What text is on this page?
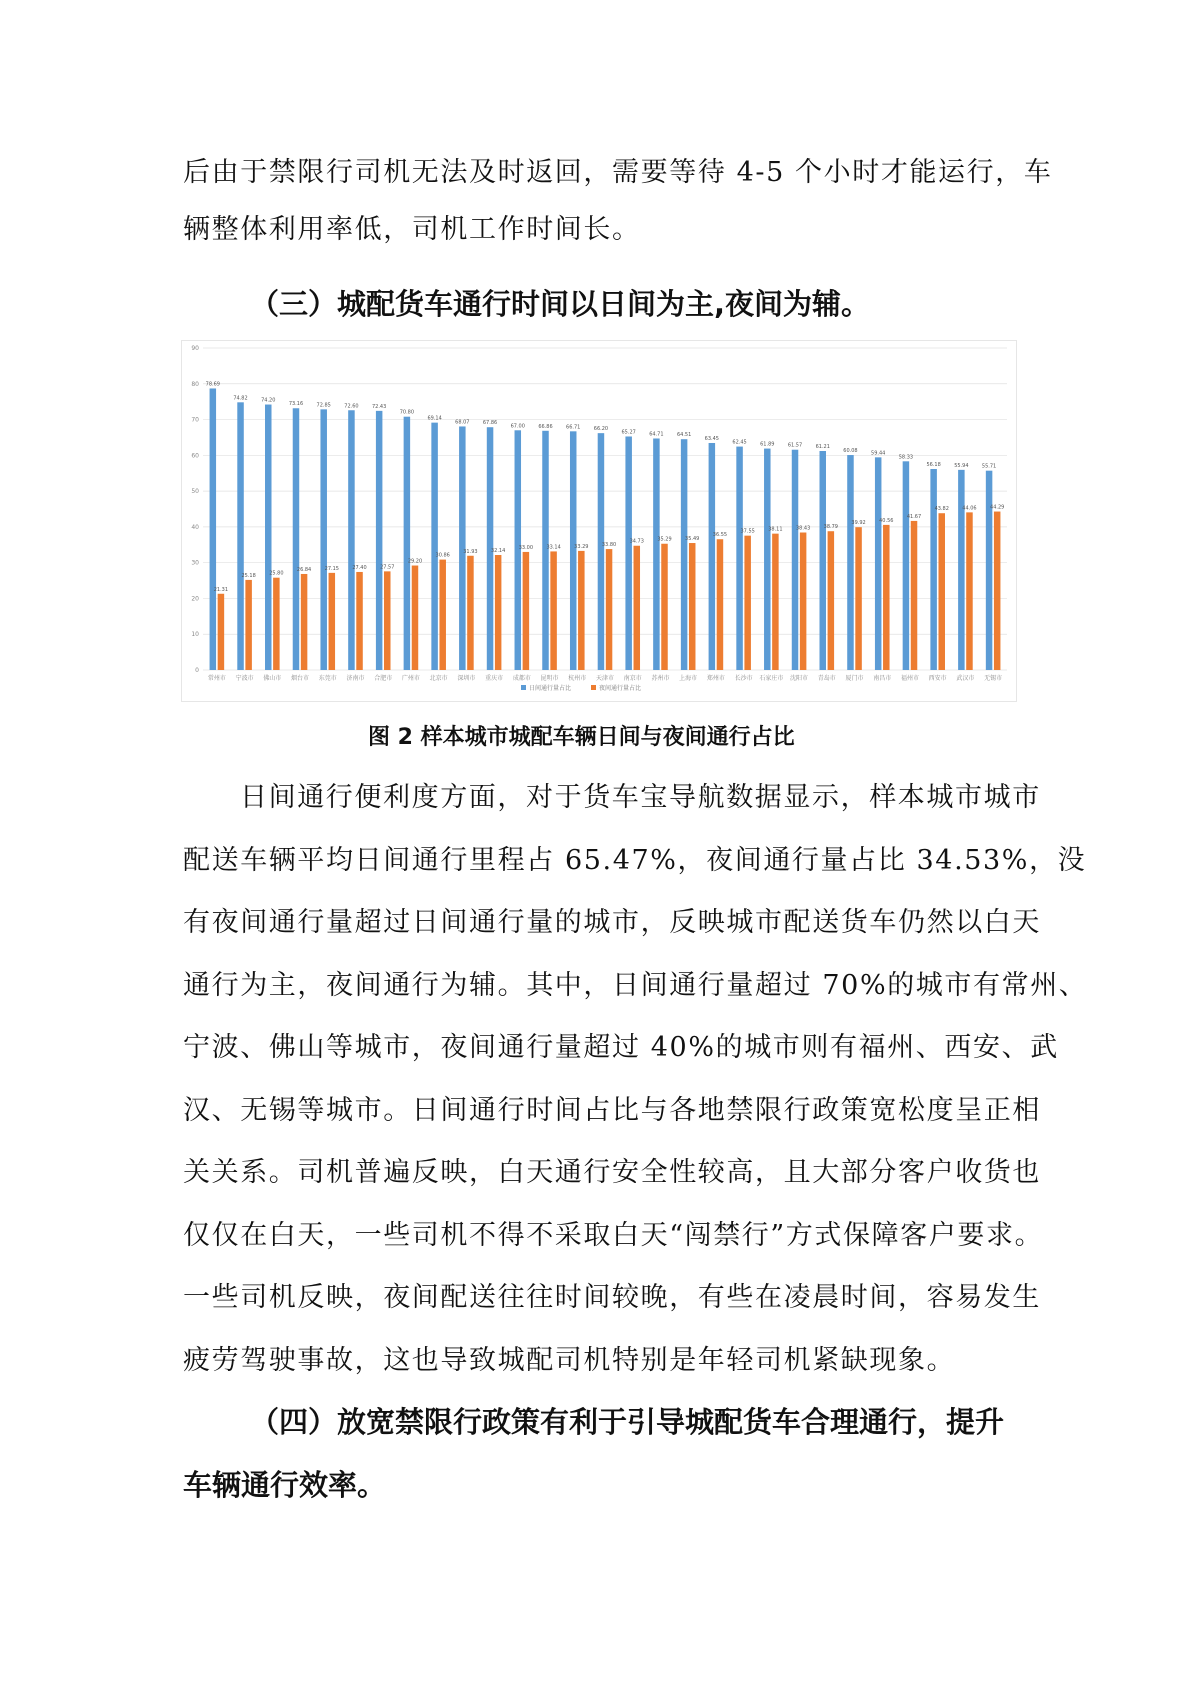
后由于禁限行司机无法及时返回，需要等待 4-5 个小时才能运行，车
辆整体利用率低，司机工作时间长。
（三）城配货车通行时间以日间为主,夜间为辅。
0
10
20
30
40
50
60
70
80
90
78.69
21.31
常州市
74.82
25.18
宁波市
74.20
25.80
佛山市
73.16
26.84
烟台市
72.85
27.15
东莞市
72.60
27.40
济南市
72.43
27.57
合肥市
70.80
29.20
广州市
69.14
30.86
北京市
68.07
31.93
深圳市
67.86
32.14
重庆市
67.00
33.00
成都市
66.86
33.14
昆明市
66.71
33.29
杭州市
66.20
33.80
天津市
65.27
34.73
南京市
64.71
35.29
苏州市
64.51
35.49
上海市
63.45
36.55
郑州市
62.45
37.55
长沙市
61.89
38.11
石家庄市
61.57
38.43
沈阳市
61.21
38.79
青岛市
60.08
39.92
厦门市
59.44
40.56
南昌市
58.33
41.67
福州市
56.18
43.82
西安市
55.94
44.06
武汉市
55.71
44.29
无锡市
日间通行量占比	夜间通行量占比
图 2 样本城市城配车辆日间与夜间通行占比
日间通行便利度方面，对于货车宝导航数据显示，样本城市城市
配送车辆平均日间通行里程占 65.47%，夜间通行量占比 34.53%，没
有夜间通行量超过日间通行量的城市，反映城市配送货车仍然以白天
通行为主，夜间通行为辅。其中，日间通行量超过 70%的城市有常州、
宁波、佛山等城市，夜间通行量超过 40%的城市则有福州、西安、武
汉、无锡等城市。日间通行时间占比与各地禁限行政策宽松度呈正相
关关系。司机普遍反映，白天通行安全性较高，且大部分客户收货也
仅仅在白天，一些司机不得不采取白天“闯禁行”方式保障客户要求。
一些司机反映，夜间配送往往时间较晚，有些在凌晨时间，容易发生
疲劳驾驶事故，这也导致城配司机特别是年轻司机紧缺现象。
（四）放宽禁限行政策有利于引导城配货车合理通行，提升
车辆通行效率。
